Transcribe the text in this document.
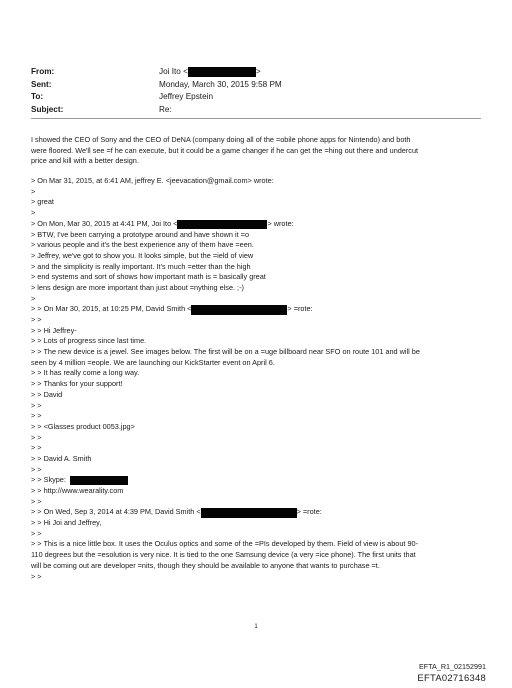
From:	Joi Ito <	>
Sent:	Monday, March 30, 2015 9:58 PM
To:	Jeffrey Epstein
Subject:	Re:
I showed the CEO of Sony and the CEO of DeNA (company doing all of the =obile phone apps for Nintendo) and both
were floored. We'll see =f he can execute, but it could be a game changer if he can get the =hing out there and undercut
price and kill with a better design.
> On Mar 31, 2015, at 6:41 AM, jeffrey E. <jeevacation@gmail.com> wrote:
>
> great
>
> On Mon, Mar 30, 2015 at 4:41 PM, Joi Ito <	> wrote:
> BTW, I've been carrying a prototype around and have shown it =o
> various people and it's the best experience any of them have =een.
> Jeffrey, we've got to show you. It looks simple, but the =ield of view
> and the simplicity is really important. It's much =etter than the high
> end systems and sort of shows how important math is = basically great
> lens design are more important than just about =nything else. ;-)
>
> > On Mar 30, 2015, at 10:25 PM, David Smith <	> =rote:
> >
> > Hi Jeffrey-
> > Lots of progress since last time.
> > The new device is a jewel. See images below. The first will be on a =uge billboard near SFO on route 101 and will be
seen by 4 million =eople. We are launching our KickStarter event on April 6.
> > It has really come a long way.
> > Thanks for your support!
> > David
> >
> >
> > <Glasses product 0053.jpg>
> >
> >
> > David A. Smith
> >
> > Skype:
> > http://www.wearality.com
> >
> > On Wed, Sep 3, 2014 at 4:39 PM, David Smith <	> =rote:
> > Hi Joi and Jeffrey,
> >
> > This is a nice little box. It uses the Oculus optics and some of the =PIs developed by them. Field of view is about 90-
110 degrees but the =esolution is very nice. It is tied to the one Samsung device (a very =ice phone). The first units that
will be coming out are developer =nits, though they should be available to anyone that wants to purchase =t.
> >
1
EFTA_R1_02152991
EFTA02716348
